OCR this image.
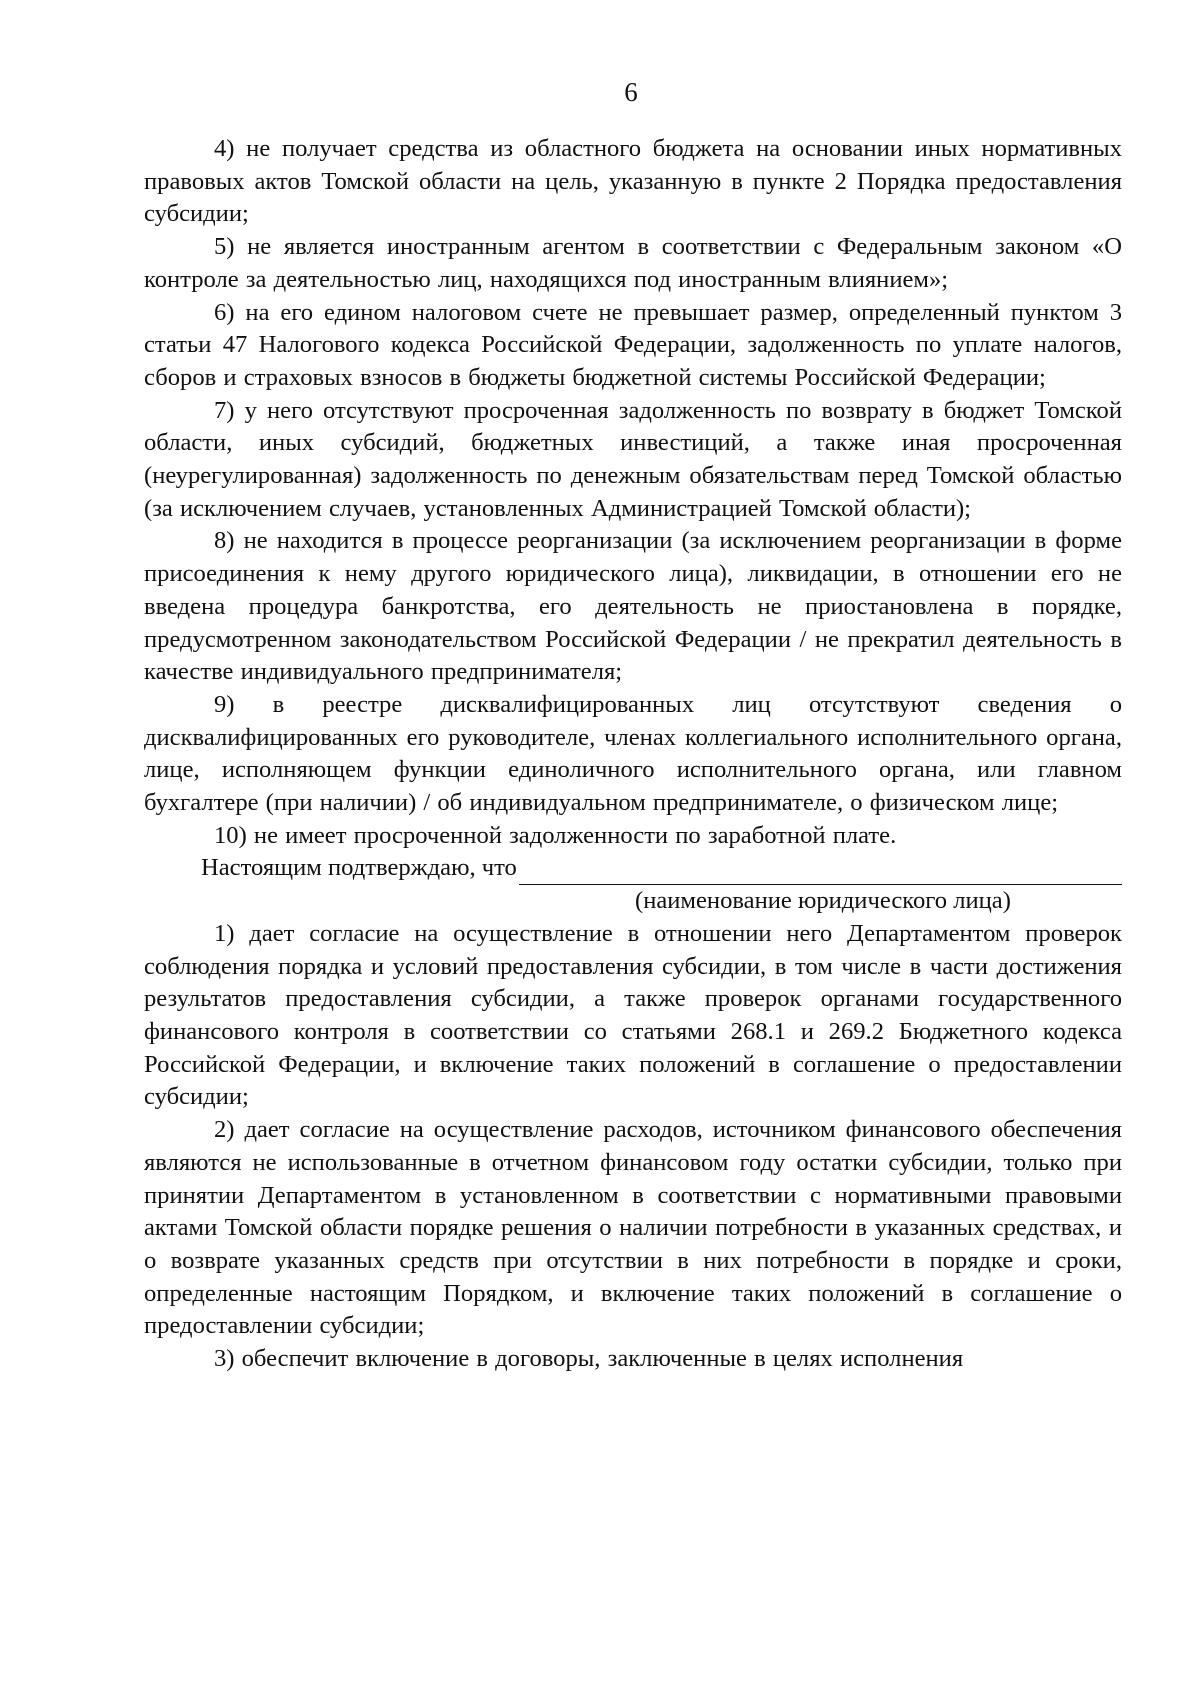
6

4) не получает средства из областного бюджета на основании иных нормативных правовых актов Томской области на цель, указанную в пункте 2 Порядка предоставления субсидии;

5) не является иностранным агентом в соответствии с Федеральным законом «О контроле за деятельностью лиц, находящихся под иностранным влиянием»;

6) на его едином налоговом счете не превышает размер, определенный пунктом 3 статьи 47 Налогового кодекса Российской Федерации, задолженность по уплате налогов, сборов и страховых взносов в бюджеты бюджетной системы Российской Федерации;

7) у него отсутствуют просроченная задолженность по возврату в бюджет Томской области, иных субсидий, бюджетных инвестиций, а также иная просроченная (неурегулированная) задолженность по денежным обязательствам перед Томской областью (за исключением случаев, установленных Администрацией Томской области);

8) не находится в процессе реорганизации (за исключением реорганизации в форме присоединения к нему другого юридического лица), ликвидации, в отношении его не введена процедура банкротства, его деятельность не приостановлена в порядке, предусмотренном законодательством Российской Федерации / не прекратил деятельность в качестве индивидуального предпринимателя;

9) в реестре дисквалифицированных лиц отсутствуют сведения о дисквалифицированных его руководителе, членах коллегиального исполнительного органа, лице, исполняющем функции единоличного исполнительного органа, или главном бухгалтере (при наличии) / об индивидуальном предпринимателе, о физическом лице;

10) не имеет просроченной задолженности по заработной плате.

Настоящим подтверждаю, что

(наименование юридического лица)

1) дает согласие на осуществление в отношении него Департаментом проверок соблюдения порядка и условий предоставления субсидии, в том числе в части достижения результатов предоставления субсидии, а также проверок органами государственного финансового контроля в соответствии со статьями 268.1 и 269.2 Бюджетного кодекса Российской Федерации, и включение таких положений в соглашение о предоставлении субсидии;

2) дает согласие на осуществление расходов, источником финансового обеспечения являются не использованные в отчетном финансовом году остатки субсидии, только при принятии Департаментом в установленном в соответствии с нормативными правовыми актами Томской области порядке решения о наличии потребности в указанных средствах, и о возврате указанных средств при отсутствии в них потребности в порядке и сроки, определенные настоящим Порядком, и включение таких положений в соглашение о предоставлении субсидии;

3) обеспечит включение в договоры, заключенные в целях исполнения
